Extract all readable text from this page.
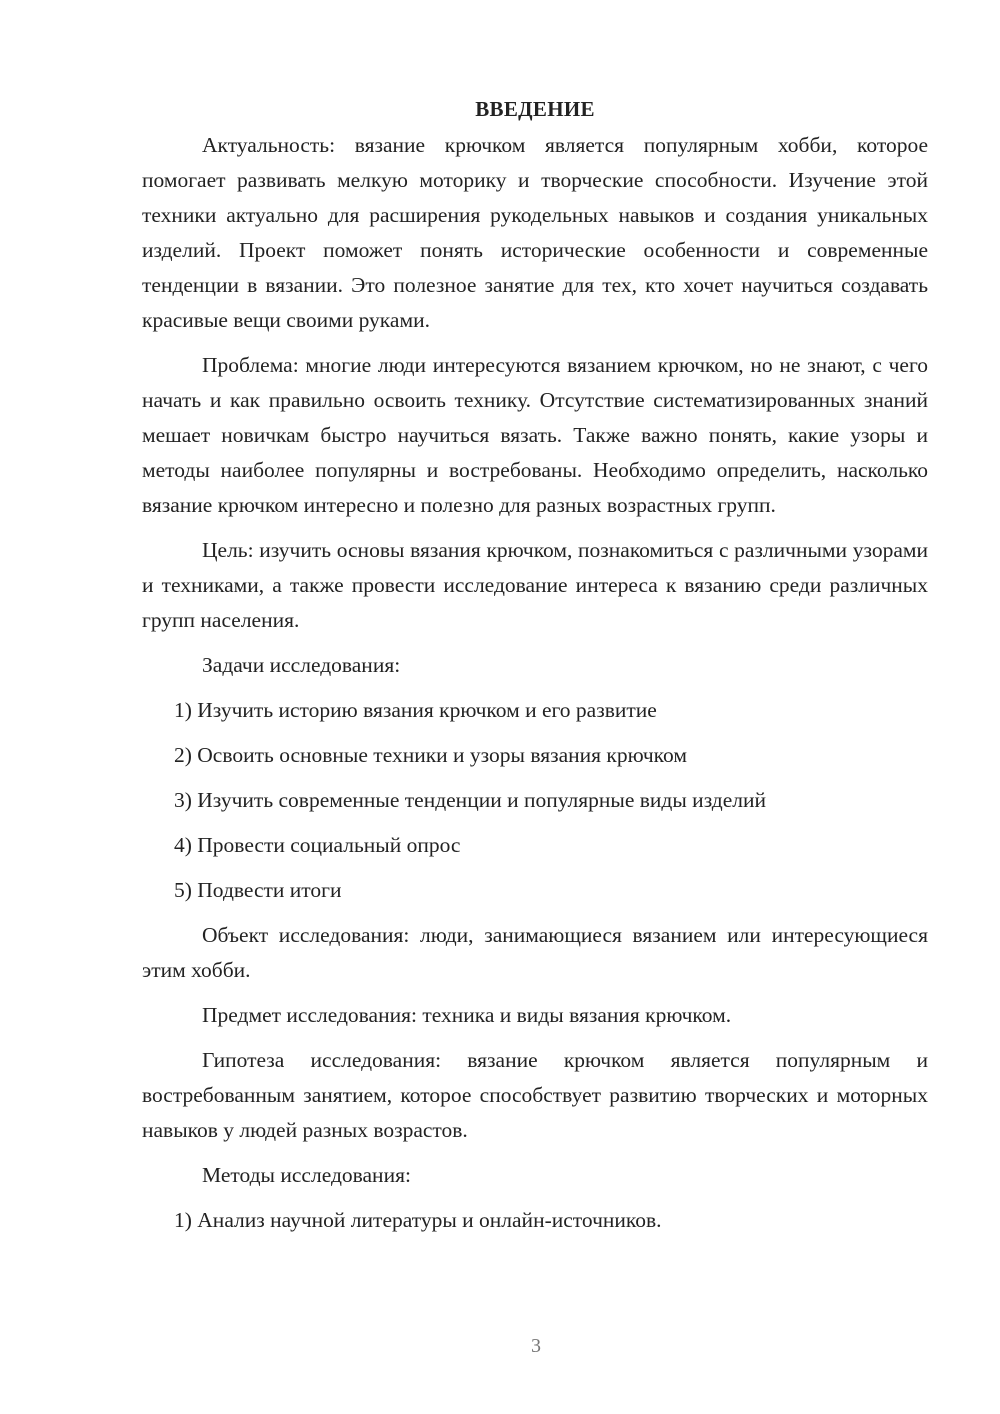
ВВЕДЕНИЕ

Актуальность: вязание крючком является популярным хобби, которое помогает развивать мелкую моторику и творческие способности. Изучение этой техники актуально для расширения рукодельных навыков и создания уникальных изделий. Проект поможет понять исторические особенности и современные тенденции в вязании. Это полезное занятие для тех, кто хочет научиться создавать красивые вещи своими руками.

Проблема: многие люди интересуются вязанием крючком, но не знают, с чего начать и как правильно освоить технику. Отсутствие систематизированных знаний мешает новичкам быстро научиться вязать. Также важно понять, какие узоры и методы наиболее популярны и востребованы. Необходимо определить, насколько вязание крючком интересно и полезно для разных возрастных групп.

Цель: изучить основы вязания крючком, познакомиться с различными узорами и техниками, а также провести исследование интереса к вязанию среди различных групп населения.

Задачи исследования:

1) Изучить историю вязания крючком и его развитие

2) Освоить основные техники и узоры вязания крючком

3) Изучить современные тенденции и популярные виды изделий

4) Провести социальный опрос

5) Подвести итоги

Объект исследования: люди, занимающиеся вязанием или интересующиеся этим хобби.

Предмет исследования: техника и виды вязания крючком.

Гипотеза исследования: вязание крючком является популярным и востребованным занятием, которое способствует развитию творческих и моторных навыков у людей разных возрастов.

Методы исследования:

1) Анализ научной литературы и онлайн-источников.

3
